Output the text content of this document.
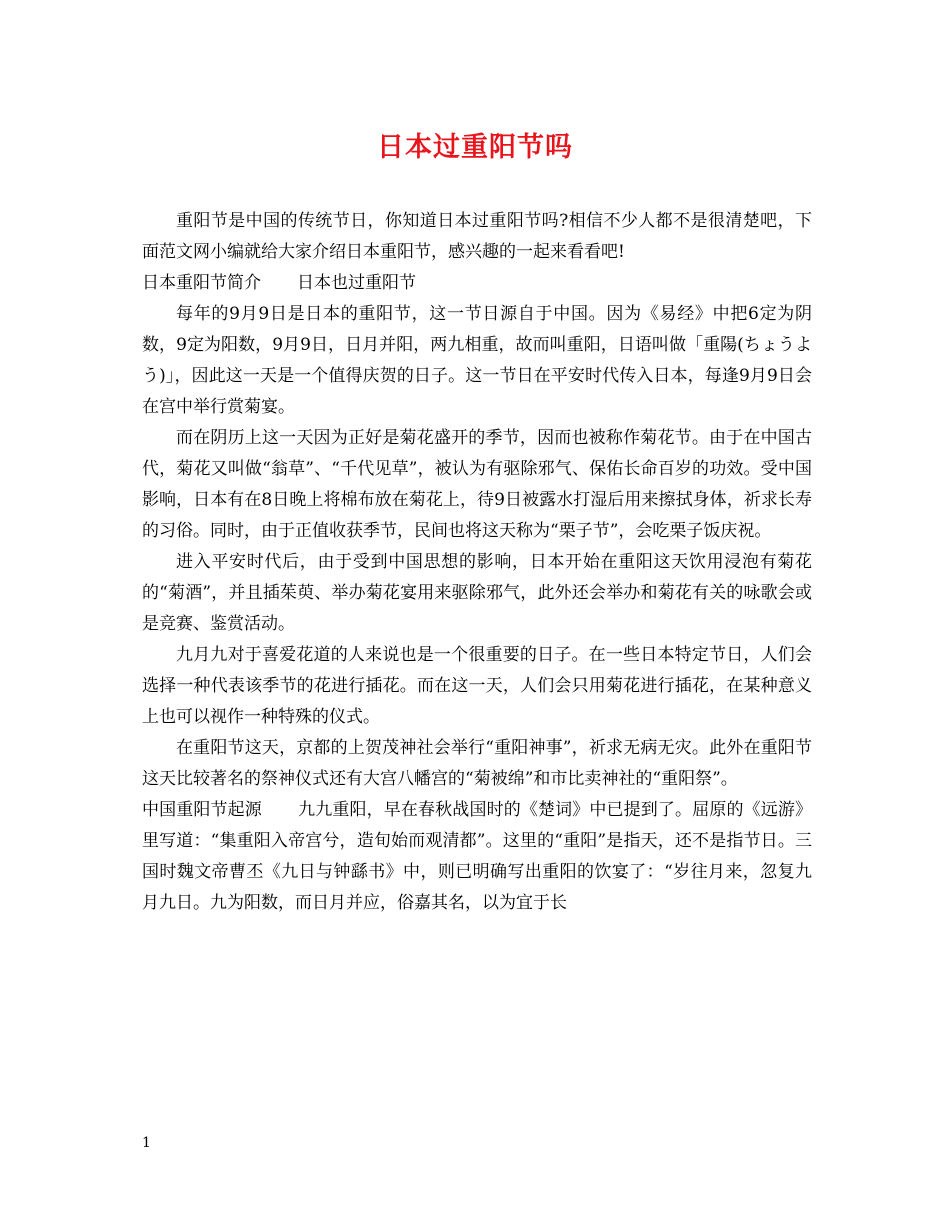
日本过重阳节吗

重阳节是中国的传统节日，你知道日本过重阳节吗?相信不少人都不是很清楚吧，下面范文网小编就给大家介绍日本重阳节，感兴趣的一起来看看吧!

日本重阳节简介 日本也过重阳节

每年的9月9日是日本的重阳节，这一节日源自于中国。因为《易经》中把6定为阴数，9定为阳数，9月9日，日月并阳，两九相重，故而叫重阳，日语叫做「重陽(ちょうよう)」，因此这一天是一个值得庆贺的日子。这一节日在平安时代传入日本，每逢9月9日会在宫中举行赏菊宴。

而在阴历上这一天因为正好是菊花盛开的季节，因而也被称作菊花节。由于在中国古代，菊花又叫做“翁草”、“千代见草”，被认为有驱除邪气、保佑长命百岁的功效。受中国影响，日本有在8日晚上将棉布放在菊花上，待9日被露水打湿后用来擦拭身体，祈求长寿的习俗。同时，由于正值收获季节，民间也将这天称为“栗子节”，会吃栗子饭庆祝。

进入平安时代后，由于受到中国思想的影响，日本开始在重阳这天饮用浸泡有菊花的“菊酒”，并且插茱萸、举办菊花宴用来驱除邪气，此外还会举办和菊花有关的咏歌会或是竞赛、鉴赏活动。

九月九对于喜爱花道的人来说也是一个很重要的日子。在一些日本特定节日，人们会选择一种代表该季节的花进行插花。而在这一天，人们会只用菊花进行插花，在某种意义上也可以视作一种特殊的仪式。

在重阳节这天，京都的上贺茂神社会举行“重阳神事”，祈求无病无灾。此外在重阳节这天比较著名的祭神仪式还有大宫八幡宫的“菊被绵”和市比卖神社的“重阳祭”。

中国重阳节起源 九九重阳，早在春秋战国时的《楚词》中已提到了。屈原的《远游》里写道：“集重阳入帝宫兮，造旬始而观清都”。这里的“重阳”是指天，还不是指节日。三国时魏文帝曹丕《九日与钟繇书》中，则已明确写出重阳的饮宴了：“岁往月来，忽复九月九日。九为阳数，而日月并应，俗嘉其名，以为宜于长

1
